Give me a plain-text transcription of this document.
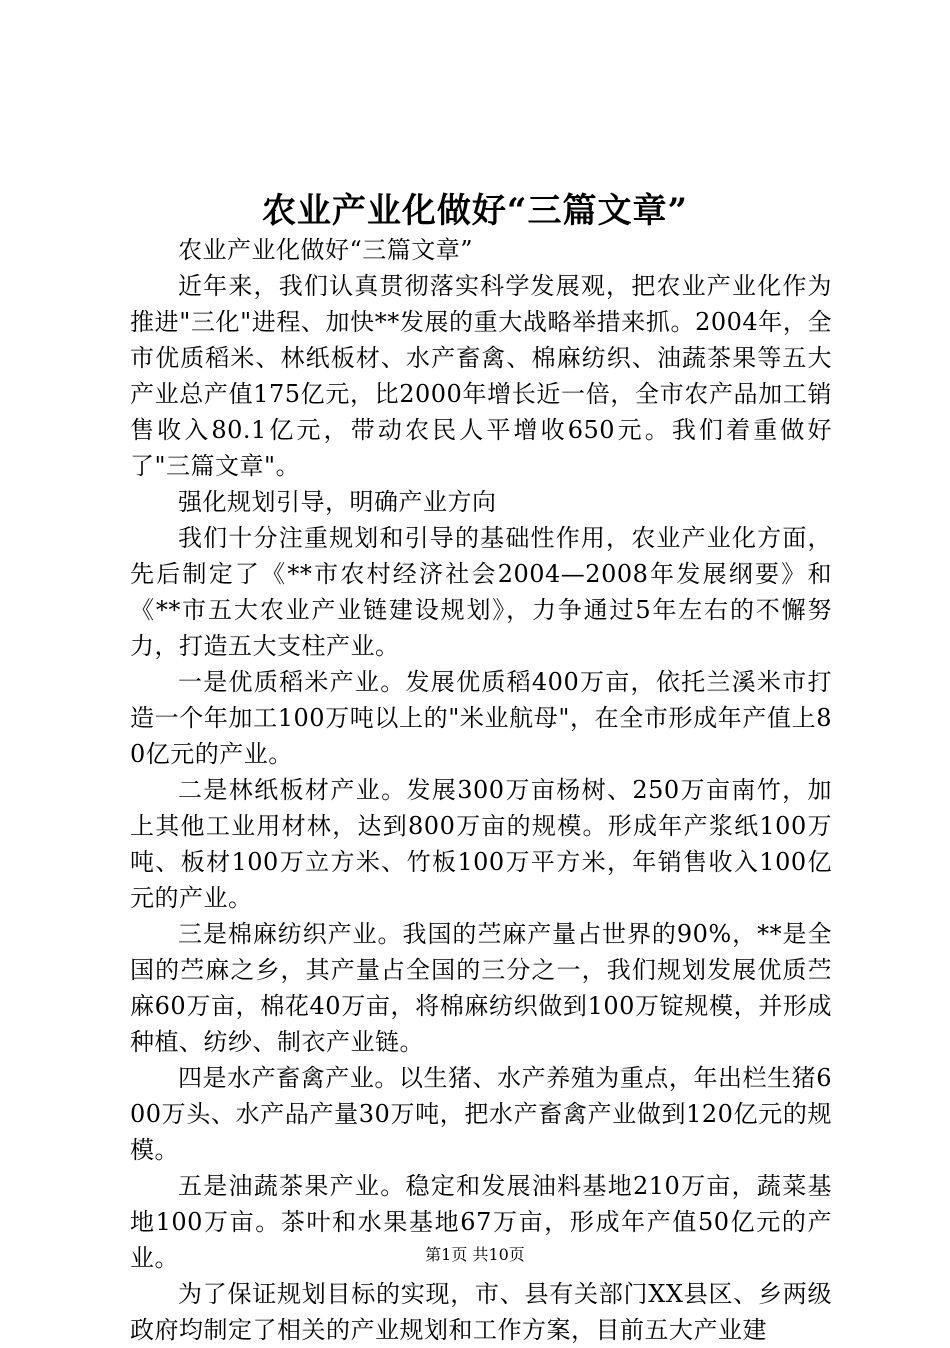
农业产业化做好“三篇文章”

农业产业化做好“三篇文章”

近年来，我们认真贯彻落实科学发展观，把农业产业化作为推进"三化"进程、加快**发展的重大战略举措来抓。2004年，全市优质稻米、林纸板材、水产畜禽、棉麻纺织、油蔬茶果等五大产业总产值175亿元，比2000年增长近一倍，全市农产品加工销售收入80.1亿元，带动农民人平增收650元。我们着重做好了"三篇文章"。

强化规划引导，明确产业方向

我们十分注重规划和引导的基础性作用，农业产业化方面，先后制定了《**市农村经济社会2004—2008年发展纲要》和《**市五大农业产业链建设规划》，力争通过5年左右的不懈努力，打造五大支柱产业。

一是优质稻米产业。发展优质稻400万亩，依托兰溪米市打造一个年加工100万吨以上的"米业航母"，在全市形成年产值上80亿元的产业。

二是林纸板材产业。发展300万亩杨树、250万亩南竹，加上其他工业用材林，达到800万亩的规模。形成年产浆纸100万吨、板材100万立方米、竹板100万平方米，年销售收入100亿元的产业。

三是棉麻纺织产业。我国的苎麻产量占世界的90%，**是全国的苎麻之乡，其产量占全国的三分之一，我们规划发展优质苎麻60万亩，棉花40万亩，将棉麻纺织做到100万锭规模，并形成种植、纺纱、制衣产业链。

四是水产畜禽产业。以生猪、水产养殖为重点，年出栏生猪600万头、水产品产量30万吨，把水产畜禽产业做到120亿元的规模。

五是油蔬茶果产业。稳定和发展油料基地210万亩，蔬菜基地100万亩。茶叶和水果基地67万亩，形成年产值50亿元的产业。

为了保证规划目标的实现，市、县有关部门XX县区、乡两级政府均制定了相关的产业规划和工作方案，目前五大产业建

第1页 共10页
